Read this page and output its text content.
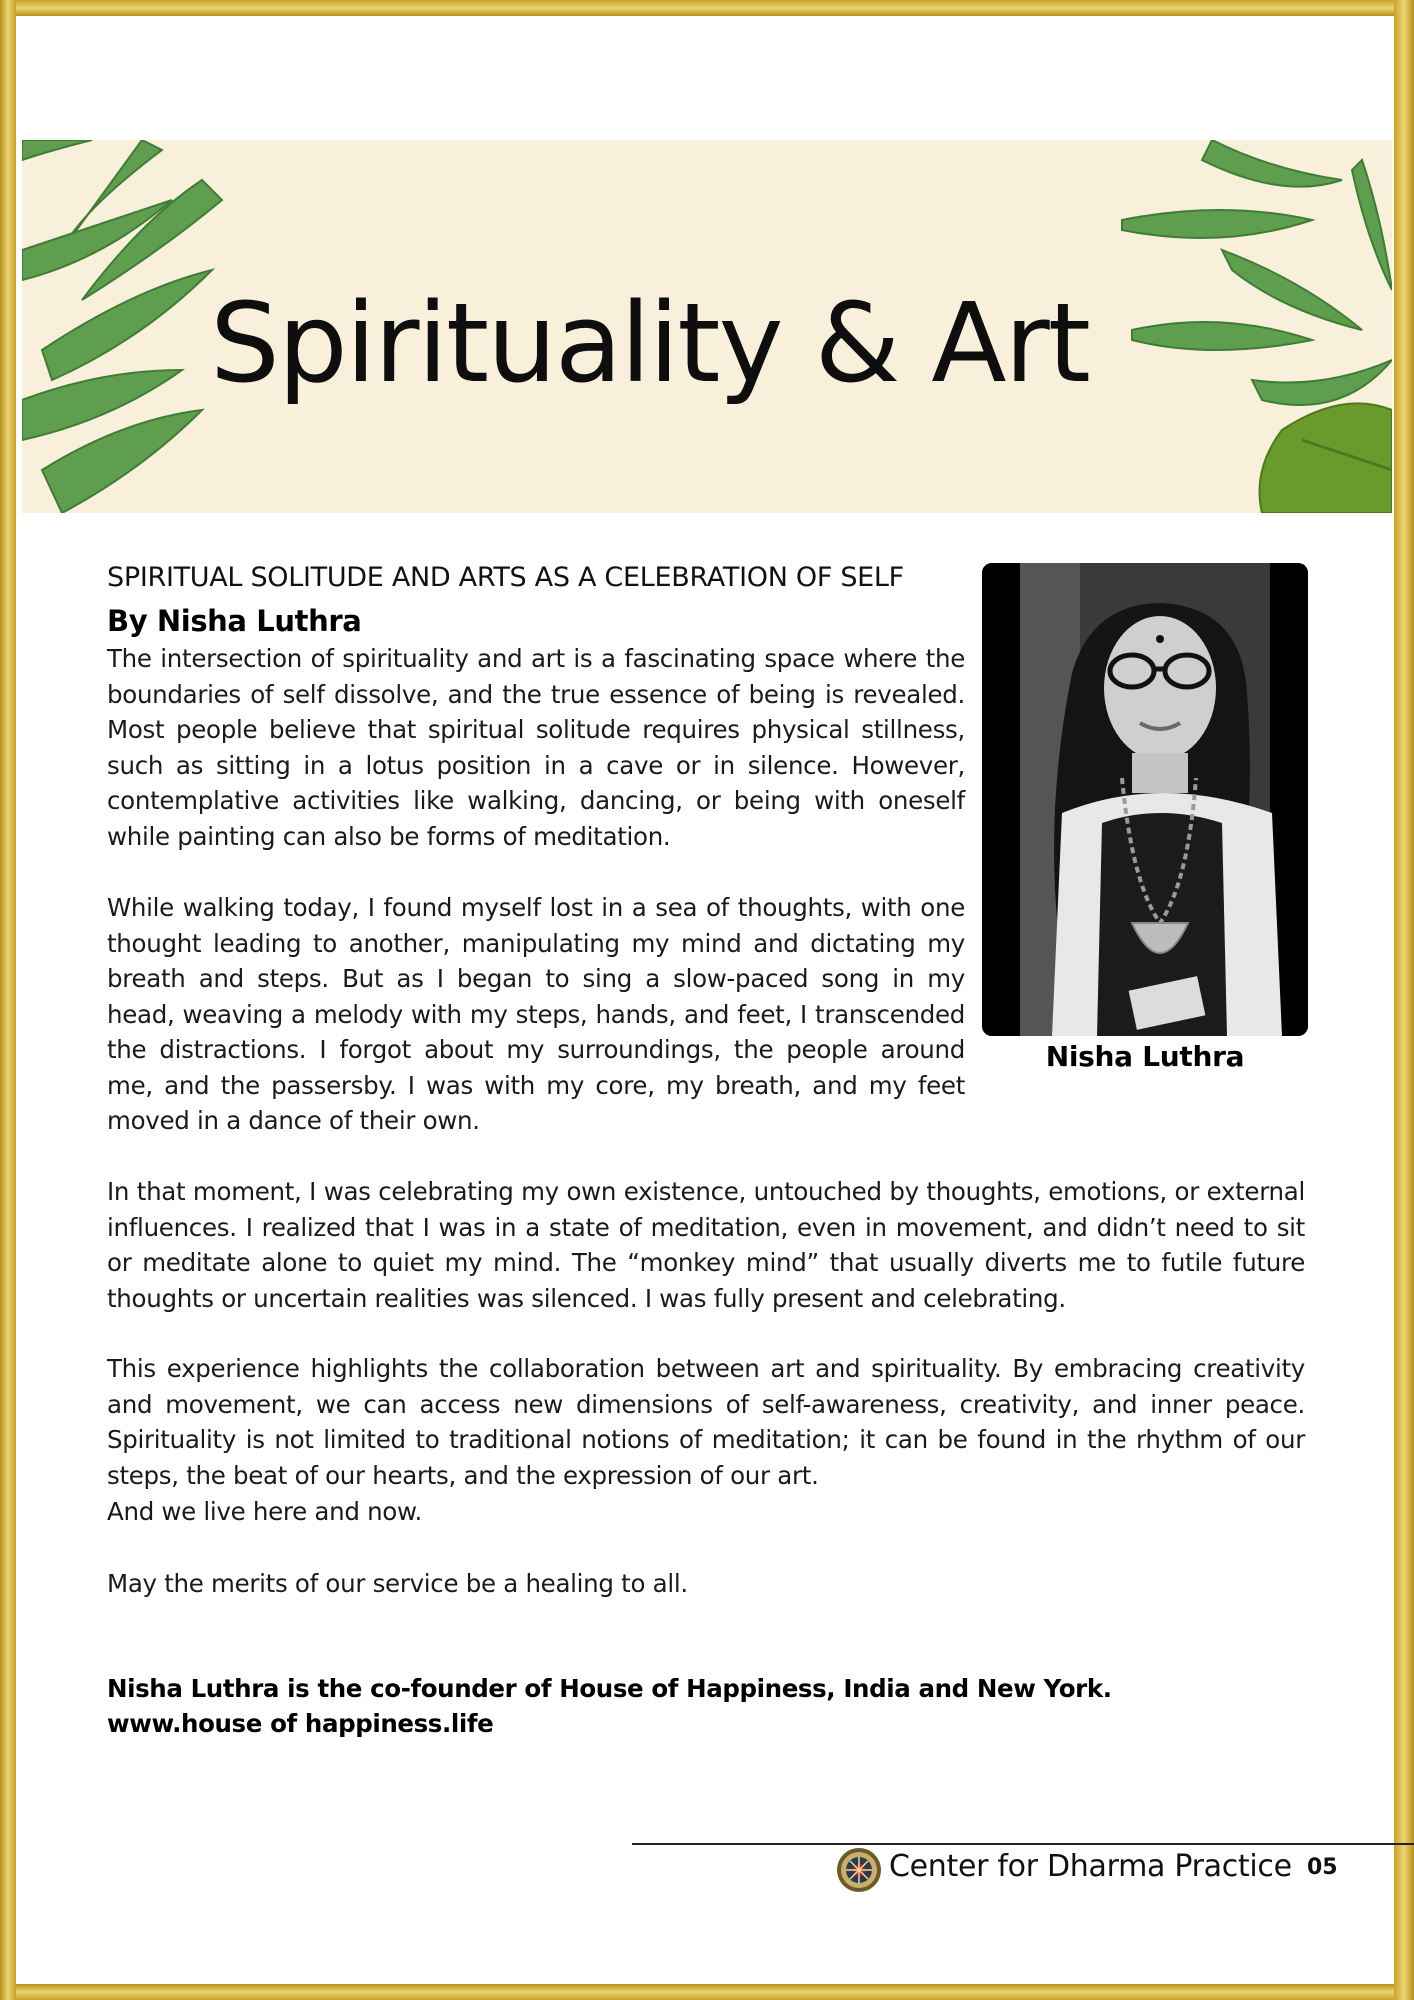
Spirituality & Art
SPIRITUAL SOLITUDE AND ARTS AS A CELEBRATION OF SELF

By Nisha Luthra

The intersection of spirituality and art is a fascinating space where the boundaries of self dissolve, and the true essence of being is revealed. Most people believe that spiritual solitude requires physical stillness, such as sitting in a lotus position in a cave or in silence. However, contemplative activities like walking, dancing, or being with oneself while painting can also be forms of meditation.

While walking today, I found myself lost in a sea of thoughts, with one thought leading to another, manipulating my mind and dictating my breath and steps. But as I began to sing a slow-paced song in my head, weaving a melody with my steps, hands, and feet, I transcended the distractions. I forgot about my surroundings, the people around me, and the passersby. I was with my core, my breath, and my feet moved in a dance of their own.

In that moment, I was celebrating my own existence, untouched by thoughts, emotions, or external influences. I realized that I was in a state of meditation, even in movement, and didn’t need to sit or meditate alone to quiet my mind. The “monkey mind” that usually diverts me to futile future thoughts or uncertain realities was silenced. I was fully present and celebrating.

This experience highlights the collaboration between art and spirituality. By embracing creativity and movement, we can access new dimensions of self-awareness, creativity, and inner peace. Spirituality is not limited to traditional notions of meditation; it can be found in the rhythm of our steps, the beat of our hearts, and the expression of our art.

And we live here and now.

May the merits of our service be a healing to all.

Nisha Luthra is the co-founder of House of Happiness, India and New York.
www.house of happiness.life

Nisha Luthra

Center for Dharma Practice 05
